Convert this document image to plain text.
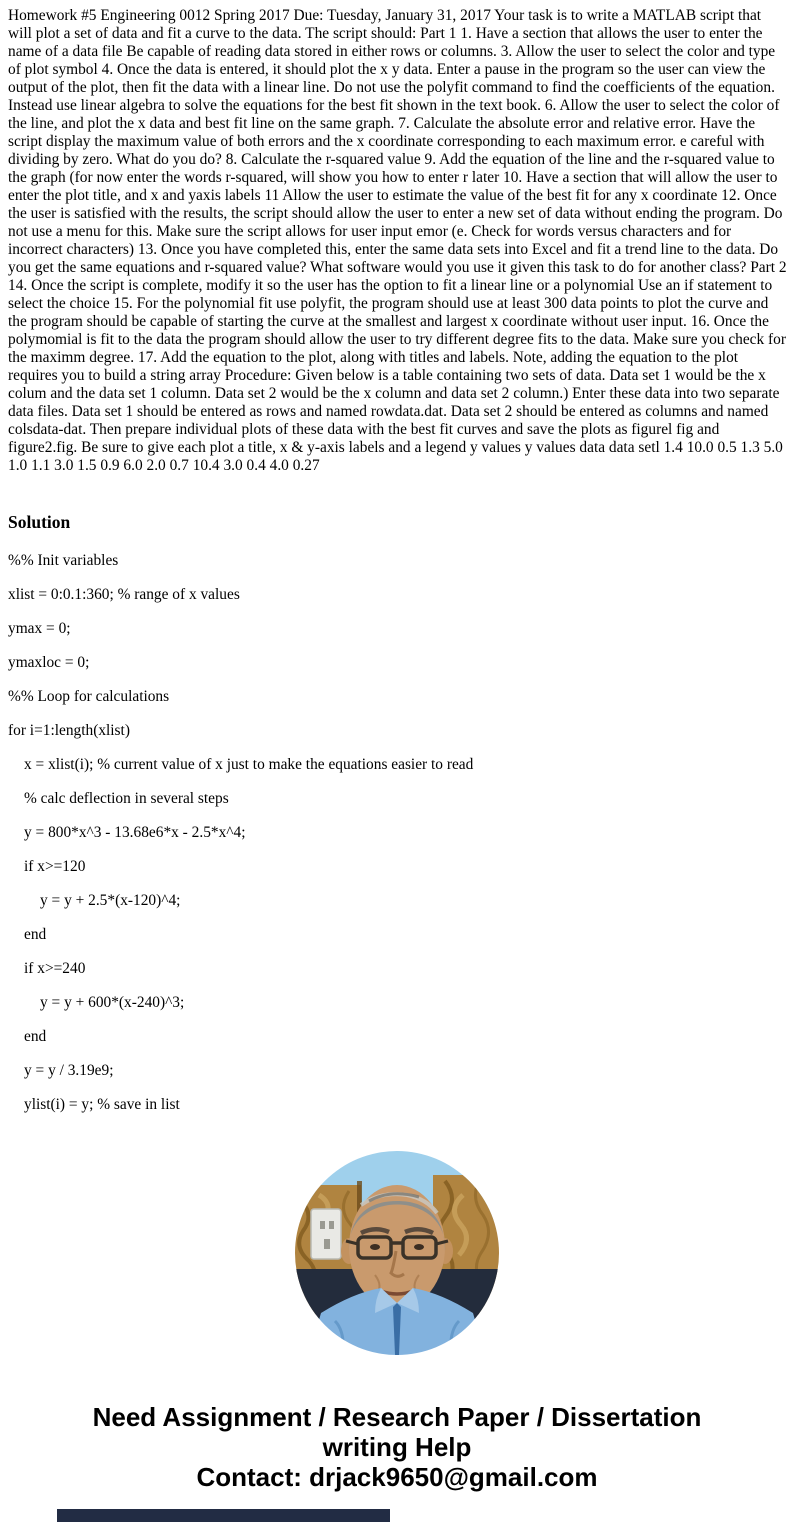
Homework #5 Engineering 0012 Spring 2017 Due: Tuesday, January 31, 2017 Your task is to write a MATLAB script that will plot a set of data and fit a curve to the data. The script should: Part 1 1. Have a section that allows the user to enter the name of a data file Be capable of reading data stored in either rows or columns. 3. Allow the user to select the color and type of plot symbol 4. Once the data is entered, it should plot the x y data. Enter a pause in the program so the user can view the output of the plot, then fit the data with a linear line. Do not use the polyfit command to find the coefficients of the equation. Instead use linear algebra to solve the equations for the best fit shown in the text book. 6. Allow the user to select the color of the line, and plot the x data and best fit line on the same graph. 7. Calculate the absolute error and relative error. Have the script display the maximum value of both errors and the x coordinate corresponding to each maximum error. e careful with dividing by zero. What do you do? 8. Calculate the r-squared value 9. Add the equation of the line and the r-squared value to the graph (for now enter the words r-squared, will show you how to enter r later 10. Have a section that will allow the user to enter the plot title, and x and yaxis labels 11 Allow the user to estimate the value of the best fit for any x coordinate 12. Once the user is satisfied with the results, the script should allow the user to enter a new set of data without ending the program. Do not use a menu for this. Make sure the script allows for user input emor (e. Check for words versus characters and for incorrect characters) 13. Once you have completed this, enter the same data sets into Excel and fit a trend line to the data. Do you get the same equations and r-squared value? What software would you use it given this task to do for another class? Part 2 14. Once the script is complete, modify it so the user has the option to fit a linear line or a polynomial Use an if statement to select the choice 15. For the polynomial fit use polyfit, the program should use at least 300 data points to plot the curve and the program should be capable of starting the curve at the smallest and largest x coordinate without user input. 16. Once the polymomial is fit to the data the program should allow the user to try different degree fits to the data. Make sure you check for the maximm degree. 17. Add the equation to the plot, along with titles and labels. Note, adding the equation to the plot requires you to build a string array Procedure: Given below is a table containing two sets of data. Data set 1 would be the x colum and the data set 1 column. Data set 2 would be the x column and data set 2 column.) Enter these data into two separate data files. Data set 1 should be entered as rows and named rowdata.dat. Data set 2 should be entered as columns and named colsdata-dat. Then prepare individual plots of these data with the best fit curves and save the plots as figurel fig and figure2.fig. Be sure to give each plot a title, x & y-axis labels and a legend y values y values data data setl 1.4 10.0 0.5 1.3 5.0 1.0 1.1 3.0 1.5 0.9 6.0 2.0 0.7 10.4 3.0 0.4 4.0 0.27

Solution
%% Init variables
xlist = 0:0.1:360; % range of x values
ymax = 0;
ymaxloc = 0;
%% Loop for calculations
for i=1:length(xlist)
x = xlist(i); % current value of x just to make the equations easier to read
% calc deflection in several steps
y = 800*x^3 - 13.68e6*x - 2.5*x^4;
if x>=120
y = y + 2.5*(x-120)^4;
end
if x>=240
y = y + 600*(x-240)^3;
end
y = y / 3.19e9;
ylist(i) = y; % save in list
Need Assignment / Research Paper / Dissertation
writing Help
Contact: drjack9650@gmail.com
